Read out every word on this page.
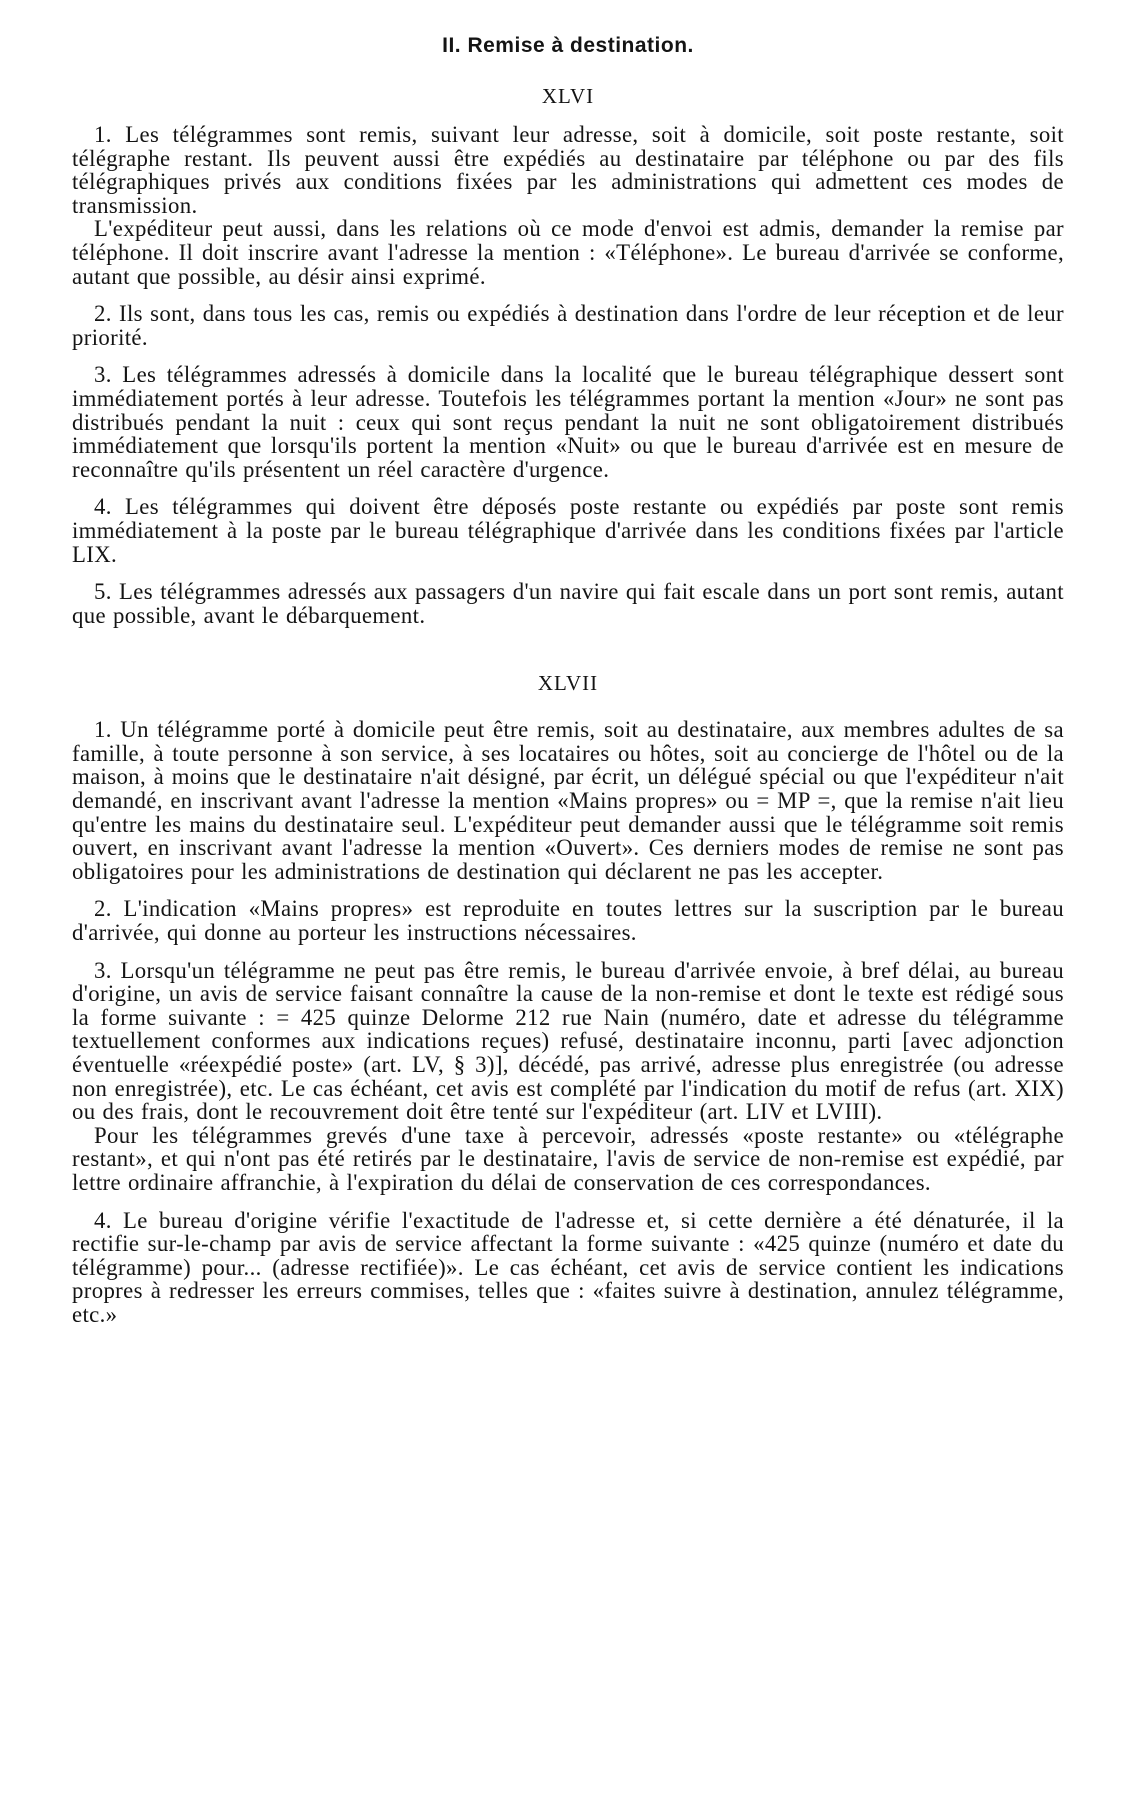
II. Remise à destination.
XLVI

1. Les télégrammes sont remis, suivant leur adresse, soit à domicile, soit poste restante, soit télégraphe restant. Ils peuvent aussi être expédiés au destinataire par téléphone ou par des fils télégraphiques privés aux conditions fixées par les administrations qui admettent ces modes de transmission.

L'expéditeur peut aussi, dans les relations où ce mode d'envoi est admis, demander la remise par téléphone. Il doit inscrire avant l'adresse la mention : «Téléphone». Le bureau d'arrivée se conforme, autant que possible, au désir ainsi exprimé.

2. Ils sont, dans tous les cas, remis ou expédiés à destination dans l'ordre de leur réception et de leur priorité.

3. Les télégrammes adressés à domicile dans la localité que le bureau télégraphique dessert sont immédiatement portés à leur adresse. Toutefois les télégrammes portant la mention «Jour» ne sont pas distribués pendant la nuit : ceux qui sont reçus pendant la nuit ne sont obligatoirement distribués immédiatement que lorsqu'ils portent la mention «Nuit» ou que le bureau d'arrivée est en mesure de reconnaître qu'ils présentent un réel caractère d'urgence.

4. Les télégrammes qui doivent être déposés poste restante ou expédiés par poste sont remis immédiatement à la poste par le bureau télégraphique d'arrivée dans les conditions fixées par l'article LIX.

5. Les télégrammes adressés aux passagers d'un navire qui fait escale dans un port sont remis, autant que possible, avant le débarquement.

XLVII

1. Un télégramme porté à domicile peut être remis, soit au destinataire, aux membres adultes de sa famille, à toute personne à son service, à ses locataires ou hôtes, soit au concierge de l'hôtel ou de la maison, à moins que le destinataire n'ait désigné, par écrit, un délégué spécial ou que l'expéditeur n'ait demandé, en inscrivant avant l'adresse la mention «Mains propres» ou = MP =, que la remise n'ait lieu qu'entre les mains du destinataire seul. L'expéditeur peut demander aussi que le télégramme soit remis ouvert, en inscrivant avant l'adresse la mention «Ouvert». Ces derniers modes de remise ne sont pas obligatoires pour les administrations de destination qui déclarent ne pas les accepter.

2. L'indication «Mains propres» est reproduite en toutes lettres sur la suscription par le bureau d'arrivée, qui donne au porteur les instructions nécessaires.

3. Lorsqu'un télégramme ne peut pas être remis, le bureau d'arrivée envoie, à bref délai, au bureau d'origine, un avis de service faisant connaître la cause de la non-remise et dont le texte est rédigé sous la forme suivante : = 425 quinze Delorme 212 rue Nain (numéro, date et adresse du télégramme textuellement conformes aux indications reçues) refusé, destinataire inconnu, parti [avec adjonction éventuelle «réexpédié poste» (art. LV, § 3)], décédé, pas arrivé, adresse plus enregistrée (ou adresse non enregistrée), etc. Le cas échéant, cet avis est complété par l'indication du motif de refus (art. XIX) ou des frais, dont le recouvrement doit être tenté sur l'expéditeur (art. LIV et LVIII).

Pour les télégrammes grevés d'une taxe à percevoir, adressés «poste restante» ou «télégraphe restant», et qui n'ont pas été retirés par le destinataire, l'avis de service de non-remise est expédié, par lettre ordinaire affranchie, à l'expiration du délai de conservation de ces correspondances.

4. Le bureau d'origine vérifie l'exactitude de l'adresse et, si cette dernière a été dénaturée, il la rectifie sur-le-champ par avis de service affectant la forme suivante : «425 quinze (numéro et date du télégramme) pour... (adresse rectifiée)». Le cas échéant, cet avis de service contient les indications propres à redresser les erreurs commises, telles que : «faites suivre à destination, annulez télégramme, etc.»
